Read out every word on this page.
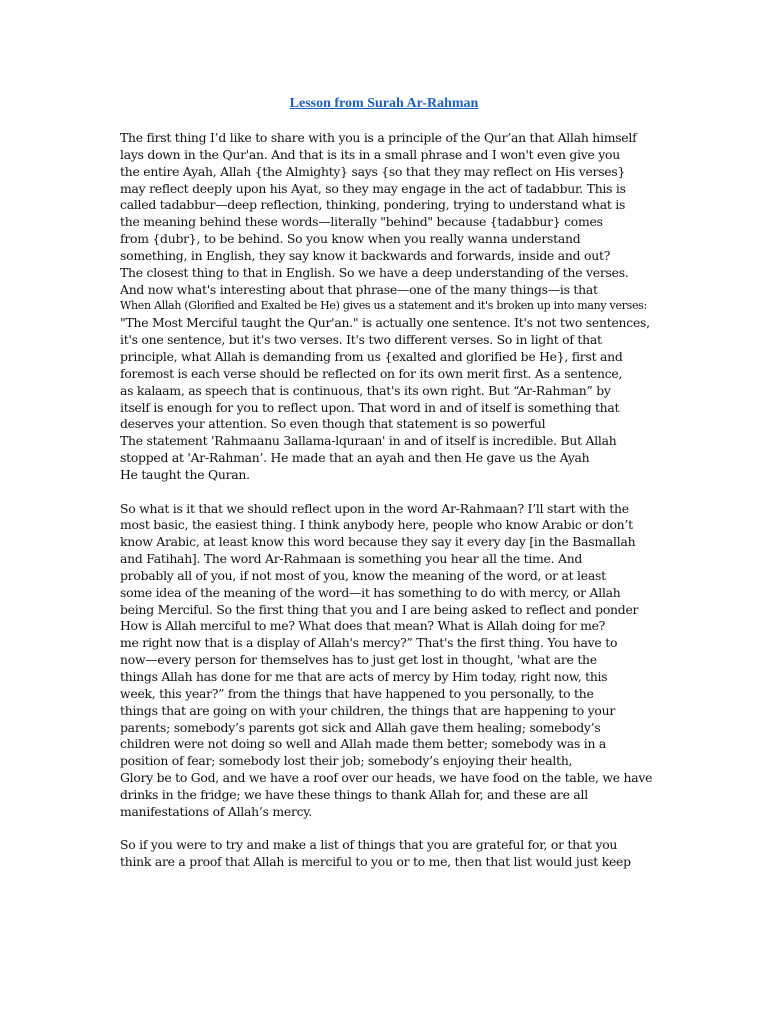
Lesson from Surah Ar-Rahman
The first thing I’d like to share with you is a principle of the Qur’an that Allah himself
lays down in the Qur'an. And that is its in a small phrase and I won't even give you
the entire Ayah, Allah {the Almighty} says {so that they may reflect on His verses}
may reflect deeply upon his Ayat, so they may engage in the act of tadabbur. This is
called tadabbur—deep reflection, thinking, pondering, trying to understand what is
the meaning behind these words—literally "behind" because {tadabbur} comes
from {dubr}, to be behind. So you know when you really wanna understand
something, in English, they say know it backwards and forwards, inside and out?
The closest thing to that in English. So we have a deep understanding of the verses.
And now what's interesting about that phrase—one of the many things—is that
When Allah (Glorified and Exalted be He) gives us a statement and it's broken up into many verses:
"The Most Merciful taught the Qur'an." is actually one sentence. It's not two sentences,
it's one sentence, but it's two verses. It's two different verses. So in light of that
principle, what Allah is demanding from us {exalted and glorified be He}, first and
foremost is each verse should be reflected on for its own merit first. As a sentence,
as kalaam, as speech that is continuous, that's its own right. But “Ar-Rahman” by
itself is enough for you to reflect upon. That word in and of itself is something that
deserves your attention. So even though that statement is so powerful
The statement 'Rahmaanu 3allama-lquraan' in and of itself is incredible. But Allah
stopped at 'Ar-Rahman’. He made that an ayah and then He gave us the Ayah
He taught the Quran.
So what is it that we should reflect upon in the word Ar-Rahmaan? I’ll start with the
most basic, the easiest thing. I think anybody here, people who know Arabic or don’t
know Arabic, at least know this word because they say it every day [in the Basmallah
and Fatihah]. The word Ar-Rahmaan is something you hear all the time. And
probably all of you, if not most of you, know the meaning of the word, or at least
some idea of the meaning of the word—it has something to do with mercy, or Allah
being Merciful. So the first thing that you and I are being asked to reflect and ponder
How is Allah merciful to me? What does that mean? What is Allah doing for me?
me right now that is a display of Allah's mercy?” That's the first thing. You have to
now—every person for themselves has to just get lost in thought, 'what are the
things Allah has done for me that are acts of mercy by Him today, right now, this
week, this year?” from the things that have happened to you personally, to the
things that are going on with your children, the things that are happening to your
parents; somebody’s parents got sick and Allah gave them healing; somebody’s
children were not doing so well and Allah made them better; somebody was in a
position of fear; somebody lost their job; somebody’s enjoying their health,
Glory be to God, and we have a roof over our heads, we have food on the table, we have
drinks in the fridge; we have these things to thank Allah for, and these are all
manifestations of Allah’s mercy.
So if you were to try and make a list of things that you are grateful for, or that you
think are a proof that Allah is merciful to you or to me, then that list would just keep
